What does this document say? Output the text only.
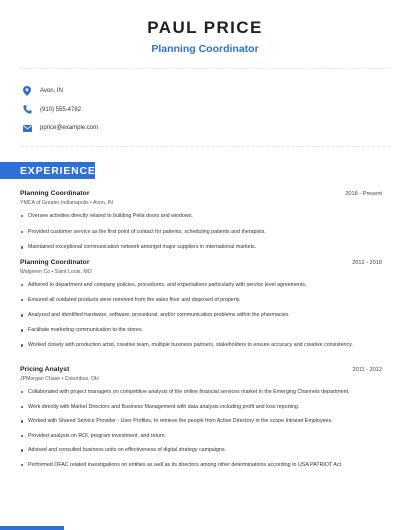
PAUL PRICE
Planning Coordinator
Avon, IN
(910) 555-4782
pprice@example.com
EXPERIENCE
Planning Coordinator	2018 - Present
YMCA of Greater Indianapolis • Avon, IN
Oversee activities directly related to building Pella doors and windows.
Provided customer service as the first point of contact for patients, scheduling patients and therapists.
Maintained exceptional communication network amongst major suppliers in international markets.
Planning Coordinator	2012 - 2018
Walgreen Co • Saint Louis, MO
Adhered to department and company policies, procedures, and expectations particularly with service level agreements.
Ensured all outdated products were removed from the sales floor and disposed of properly.
Analyzed and identified hardware, software, procedural, and/or communication problems within the pharmacies.
Facilitate marketing communication to the stores.
Worked closely with production artist, creative team, multiple business partners, stakeholders to ensure accuracy and creative consistency.
Pricing Analyst	2011 - 2012
JPMorgan Chase • Columbus, OH
Collaborated with project managers on competitive analysis of the online financial services market in the Emerging Channels department.
Work directly with Market Directors and Business Management with data analysis including profit and loss reporting.
Worked with Shared Service Provider - User Profiles, to retrieve the people from Active Directory in the scope Intranet Employees.
Provided analysis on ROI, program investment, and return.
Advised and consulted business units on effectiveness of digital strategy campaigns.
Performed OFAC related investigations on entities as well as its directors among other determinations according to USA PATRIOT Act.
